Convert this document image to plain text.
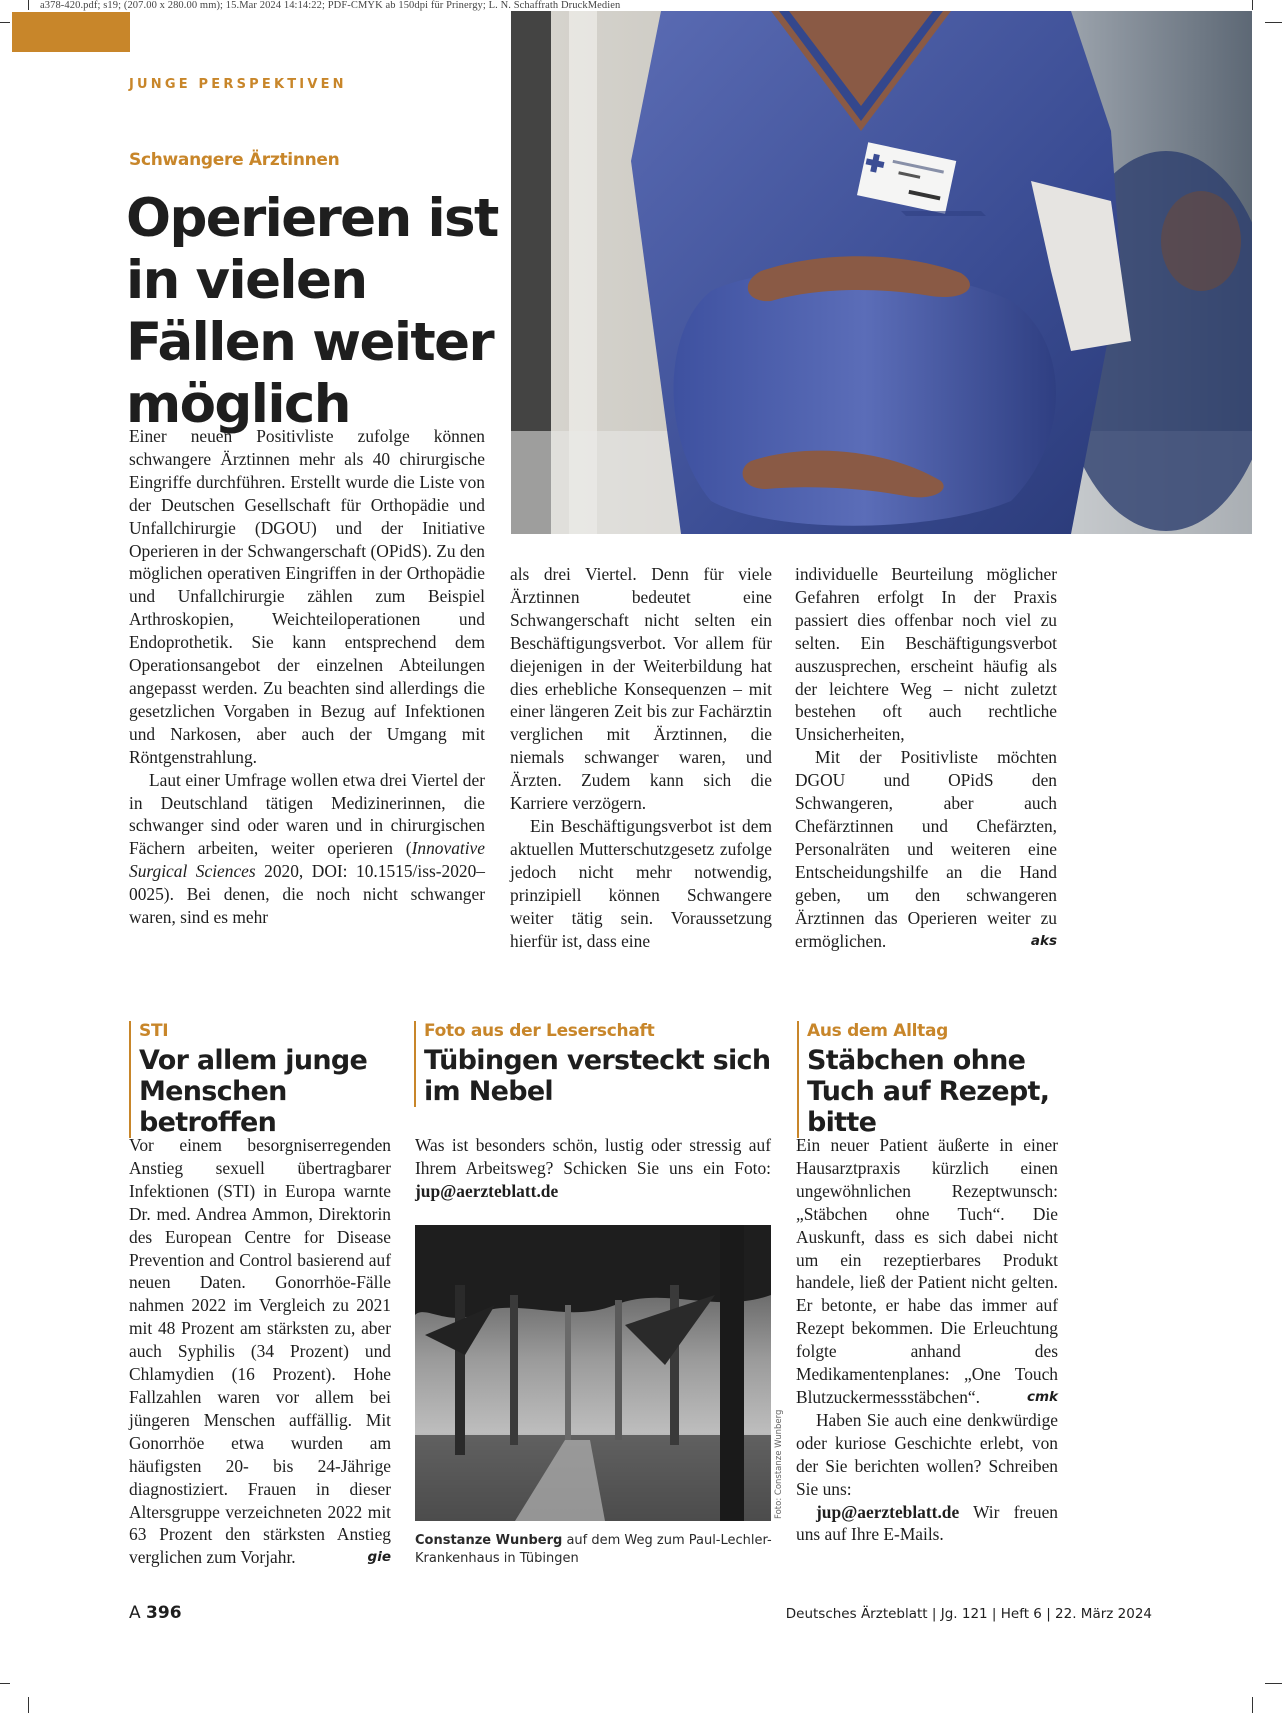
a378-420.pdf; s19; (207.00 x 280.00 mm); 15.Mar 2024 14:14:22; PDF-CMYK ab 150dpi für Prinergy; L. N. Schaffrath DruckMedien
JUNGE PERSPEKTIVEN
Schwangere Ärztinnen
Operieren ist in vielen Fällen weiter möglich

Einer neuen Positivliste zufolge können schwangere Ärztinnen mehr als 40 chirurgische Eingriffe durchführen. Erstellt wurde die Liste von der Deutschen Gesellschaft für Orthopädie und Unfallchirurgie (DGOU) und der Initiative Operieren in der Schwangerschaft (OPidS). Zu den möglichen operativen Eingriffen in der Orthopädie und Unfallchirurgie zählen zum Beispiel Arthroskopien, Weichteiloperationen und Endoprothetik. Sie kann entsprechend dem Operationsangebot der einzelnen Abteilungen angepasst werden. Zu beachten sind allerdings die gesetzlichen Vorgaben in Bezug auf Infektionen und Narkosen, aber auch der Umgang mit Röntgenstrahlung.

Laut einer Umfrage wollen etwa drei Viertel der in Deutschland tätigen Medizinerinnen, die schwanger sind oder waren und in chirurgischen Fächern arbeiten, weiter operieren (Innovative Surgical Sciences 2020, DOI: 10.1515/iss-2020–0025). Bei denen, die noch nicht schwanger waren, sind es mehr

als drei Viertel. Denn für viele Ärztinnen bedeutet eine Schwangerschaft nicht selten ein Beschäftigungsverbot. Vor allem für diejenigen in der Weiterbildung hat dies erhebliche Konsequenzen – mit einer längeren Zeit bis zur Fachärztin verglichen mit Ärztinnen, die niemals schwanger waren, und Ärzten. Zudem kann sich die Karriere verzögern.

Ein Beschäftigungsverbot ist dem aktuellen Mutterschutzgesetz zufolge jedoch nicht mehr notwendig, prinzipiell können Schwangere weiter tätig sein. Voraussetzung hierfür ist, dass eine

individuelle Beurteilung möglicher Gefahren erfolgt In der Praxis passiert dies offenbar noch viel zu selten. Ein Beschäftigungsverbot auszusprechen, erscheint häufig als der leichtere Weg – nicht zuletzt bestehen oft auch rechtliche Unsicherheiten,

Mit der Positivliste möchten DGOU und OPidS den Schwangeren, aber auch Chefärztinnen und Chefärzten, Personalräten und weiteren eine Entscheidungshilfe an die Hand geben, um den schwangeren Ärztinnen das Operieren weiter zu ermöglichen.	aks

STI
Vor allem junge Menschen betroffen

Vor einem besorgniserregenden Anstieg sexuell übertragbarer Infektionen (STI) in Europa warnte Dr. med. Andrea Ammon, Direktorin des European Centre for Disease Prevention and Control basierend auf neuen Daten. Gonorrhöe-Fälle nahmen 2022 im Vergleich zu 2021 mit 48 Prozent am stärksten zu, aber auch Syphilis (34 Prozent) und Chlamydien (16 Prozent). Hohe Fallzahlen waren vor allem bei jüngeren Menschen auffällig. Mit Gonorrhöe etwa wurden am häufigsten 20- bis 24-Jährige diagnostiziert. Frauen in dieser Altersgruppe verzeichneten 2022 mit 63 Prozent den stärksten Anstieg verglichen zum Vorjahr.	gie

Foto aus der Leserschaft
Tübingen versteckt sich im Nebel

Was ist besonders schön, lustig oder stressig auf Ihrem Arbeitsweg? Schicken Sie uns ein Foto: jup@aerzteblatt.de

Foto: Constanze Wunberg
Constanze Wunberg auf dem Weg zum Paul-Lechler-Krankenhaus in Tübingen
Aus dem Alltag
Stäbchen ohne Tuch auf Rezept, bitte

Ein neuer Patient äußerte in einer Hausarztpraxis kürzlich einen ungewöhnlichen Rezeptwunsch: „Stäbchen ohne Tuch“. Die Auskunft, dass es sich dabei nicht um ein rezeptierbares Produkt handele, ließ der Patient nicht gelten. Er betonte, er habe das immer auf Rezept bekommen. Die Erleuchtung folgte anhand des Medikamentenplanes: „One Touch Blutzuckermessstäbchen“.	cmk

Haben Sie auch eine denkwürdige oder kuriose Geschichte erlebt, von der Sie berichten wollen? Schreiben Sie uns:

jup@aerzteblatt.de Wir freuen uns auf Ihre E-Mails.

A 396	Deutsches Ärzteblatt | Jg. 121 | Heft 6 | 22. März 2024
